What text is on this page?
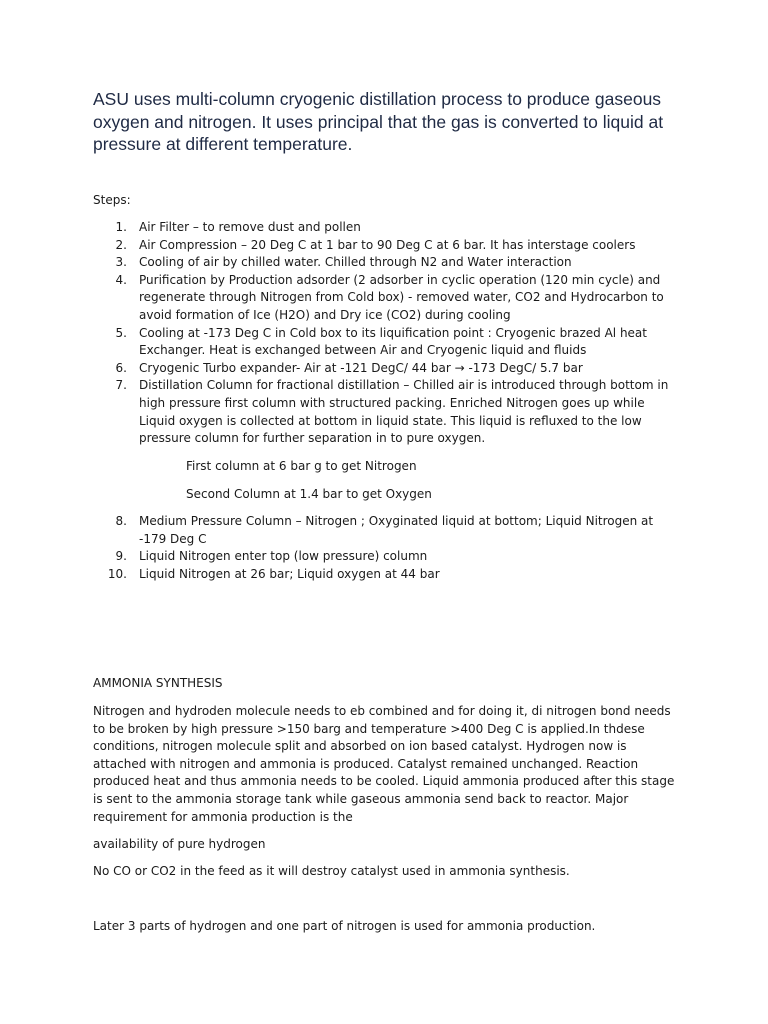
ASU uses multi-column cryogenic distillation process to produce gaseous oxygen and nitrogen. It uses principal that the gas is converted to liquid at pressure at different temperature.

Steps:

1. Air Filter – to remove dust and pollen
2. Air Compression – 20 Deg C at 1 bar to 90 Deg C at 6 bar. It has interstage coolers
3. Cooling of air by chilled water. Chilled through N2 and Water interaction
4. Purification by Production adsorder (2 adsorber in cyclic operation (120 min cycle) and regenerate through Nitrogen from Cold box) - removed water, CO2 and Hydrocarbon to avoid formation of Ice (H2O) and Dry ice (CO2) during cooling
5. Cooling at -173 Deg C in Cold box to its liquification point : Cryogenic brazed Al heat Exchanger. Heat is exchanged between Air and Cryogenic liquid and fluids
6. Cryogenic Turbo expander- Air at -121 DegC/ 44 bar → -173 DegC/ 5.7 bar
7. Distillation Column for fractional distillation – Chilled air is introduced through bottom in high pressure first column with structured packing. Enriched Nitrogen goes up while Liquid oxygen is collected at bottom in liquid state. This liquid is refluxed to the low pressure column for further separation in to pure oxygen.

First column at 6 bar g to get Nitrogen

Second Column at 1.4 bar to get Oxygen

8. Medium Pressure Column – Nitrogen ; Oxyginated liquid at bottom; Liquid Nitrogen at -179 Deg C
9. Liquid Nitrogen enter top (low pressure) column
10. Liquid Nitrogen at 26 bar; Liquid oxygen at 44 bar

AMMONIA SYNTHESIS

Nitrogen and hydroden molecule needs to eb combined and for doing it, di nitrogen bond needs to be broken by high pressure >150 barg and temperature >400 Deg C is applied.In thdese conditions, nitrogen molecule split and absorbed on ion based catalyst. Hydrogen now is attached with nitrogen and ammonia is produced. Catalyst remained unchanged. Reaction produced heat and thus ammonia needs to be cooled. Liquid ammonia produced after this stage is sent to the ammonia storage tank while gaseous ammonia send back to reactor. Major requirement for ammonia production is the

availability of pure hydrogen

No CO or CO2 in the feed as it will destroy catalyst used in ammonia synthesis.

Later 3 parts of hydrogen and one part of nitrogen is used for ammonia production.
